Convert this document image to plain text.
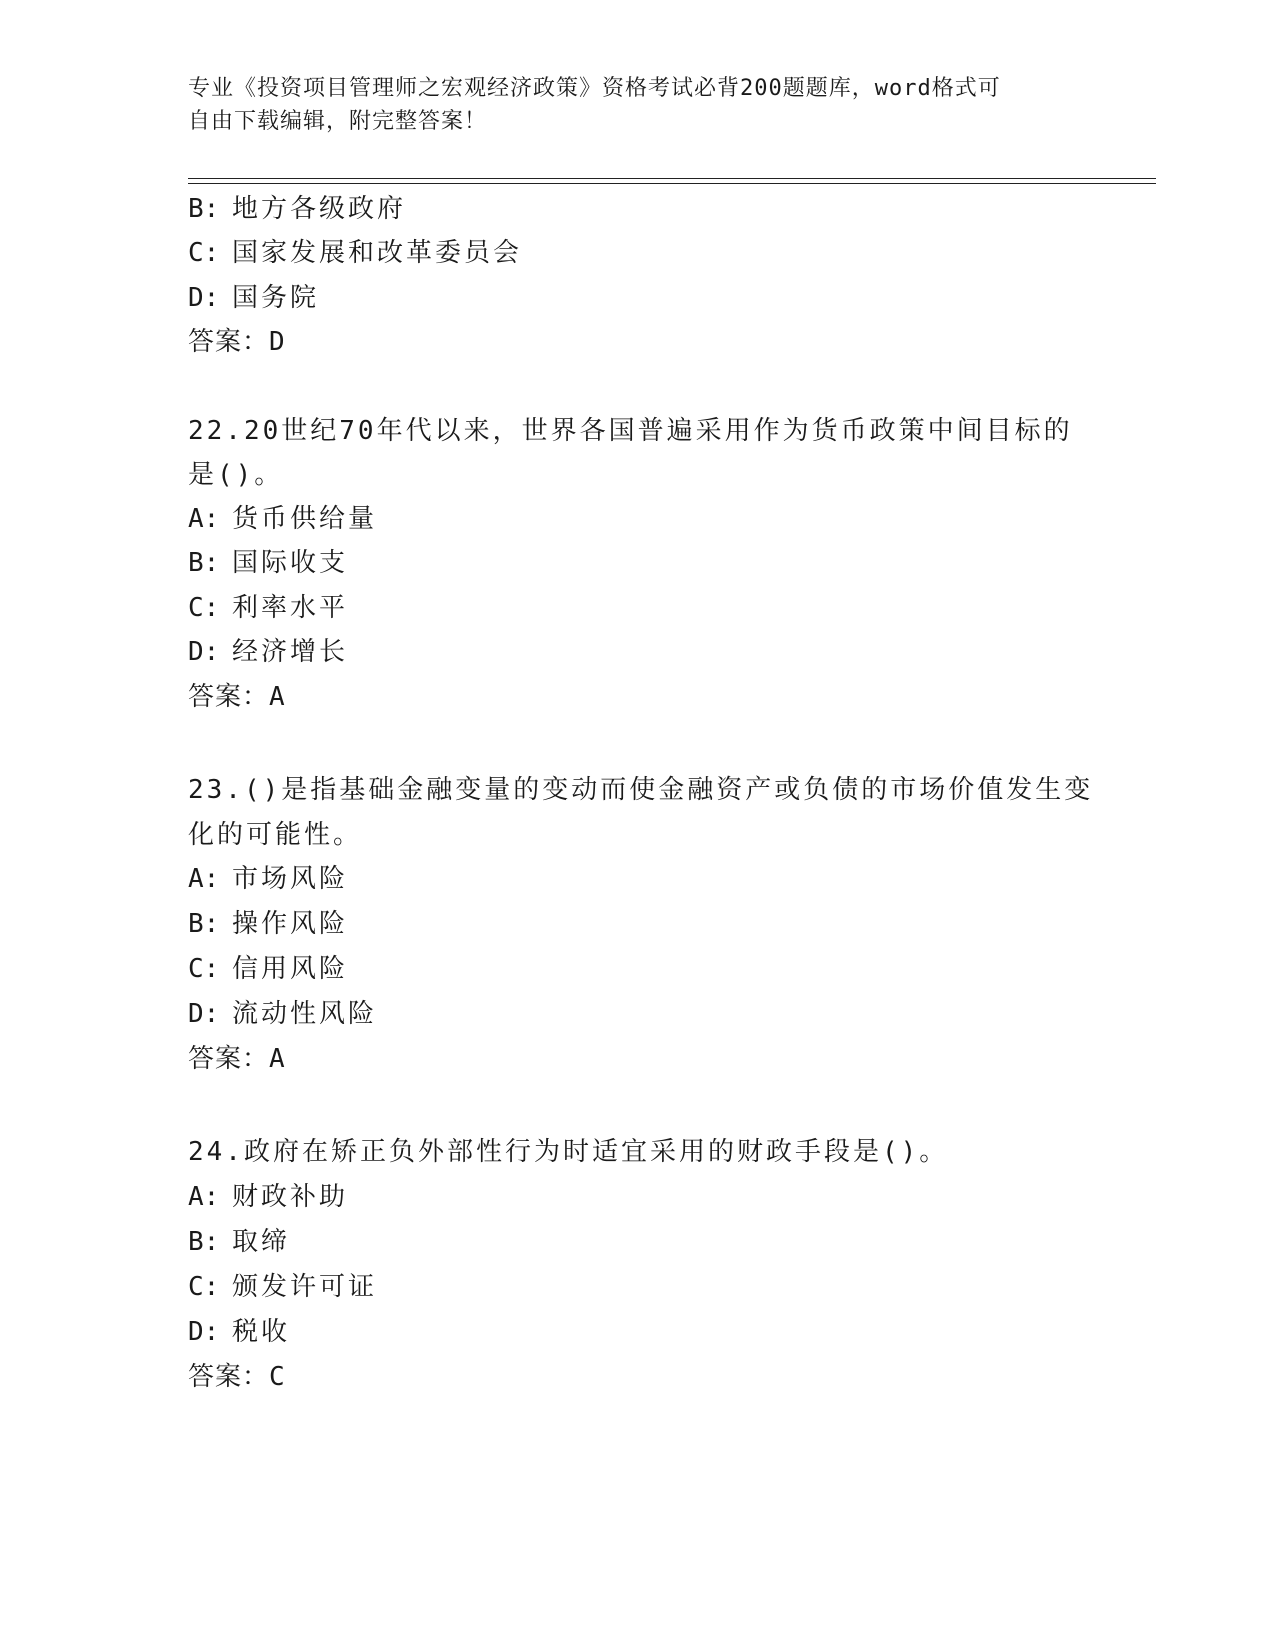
专业《投资项目管理师之宏观经济政策》资格考试必背200题题库，word格式可
自由下载编辑，附完整答案！
B: 地方各级政府
C: 国家发展和改革委员会
D: 国务院
答案：D
22.20世纪70年代以来，世界各国普遍采用作为货币政策中间目标的
是()。
A: 货币供给量
B: 国际收支
C: 利率水平
D: 经济增长
答案：A
23.()是指基础金融变量的变动而使金融资产或负债的市场价值发生变
化的可能性。
A: 市场风险
B: 操作风险
C: 信用风险
D: 流动性风险
答案：A
24.政府在矫正负外部性行为时适宜采用的财政手段是()。
A: 财政补助
B: 取缔
C: 颁发许可证
D: 税收
答案：C
